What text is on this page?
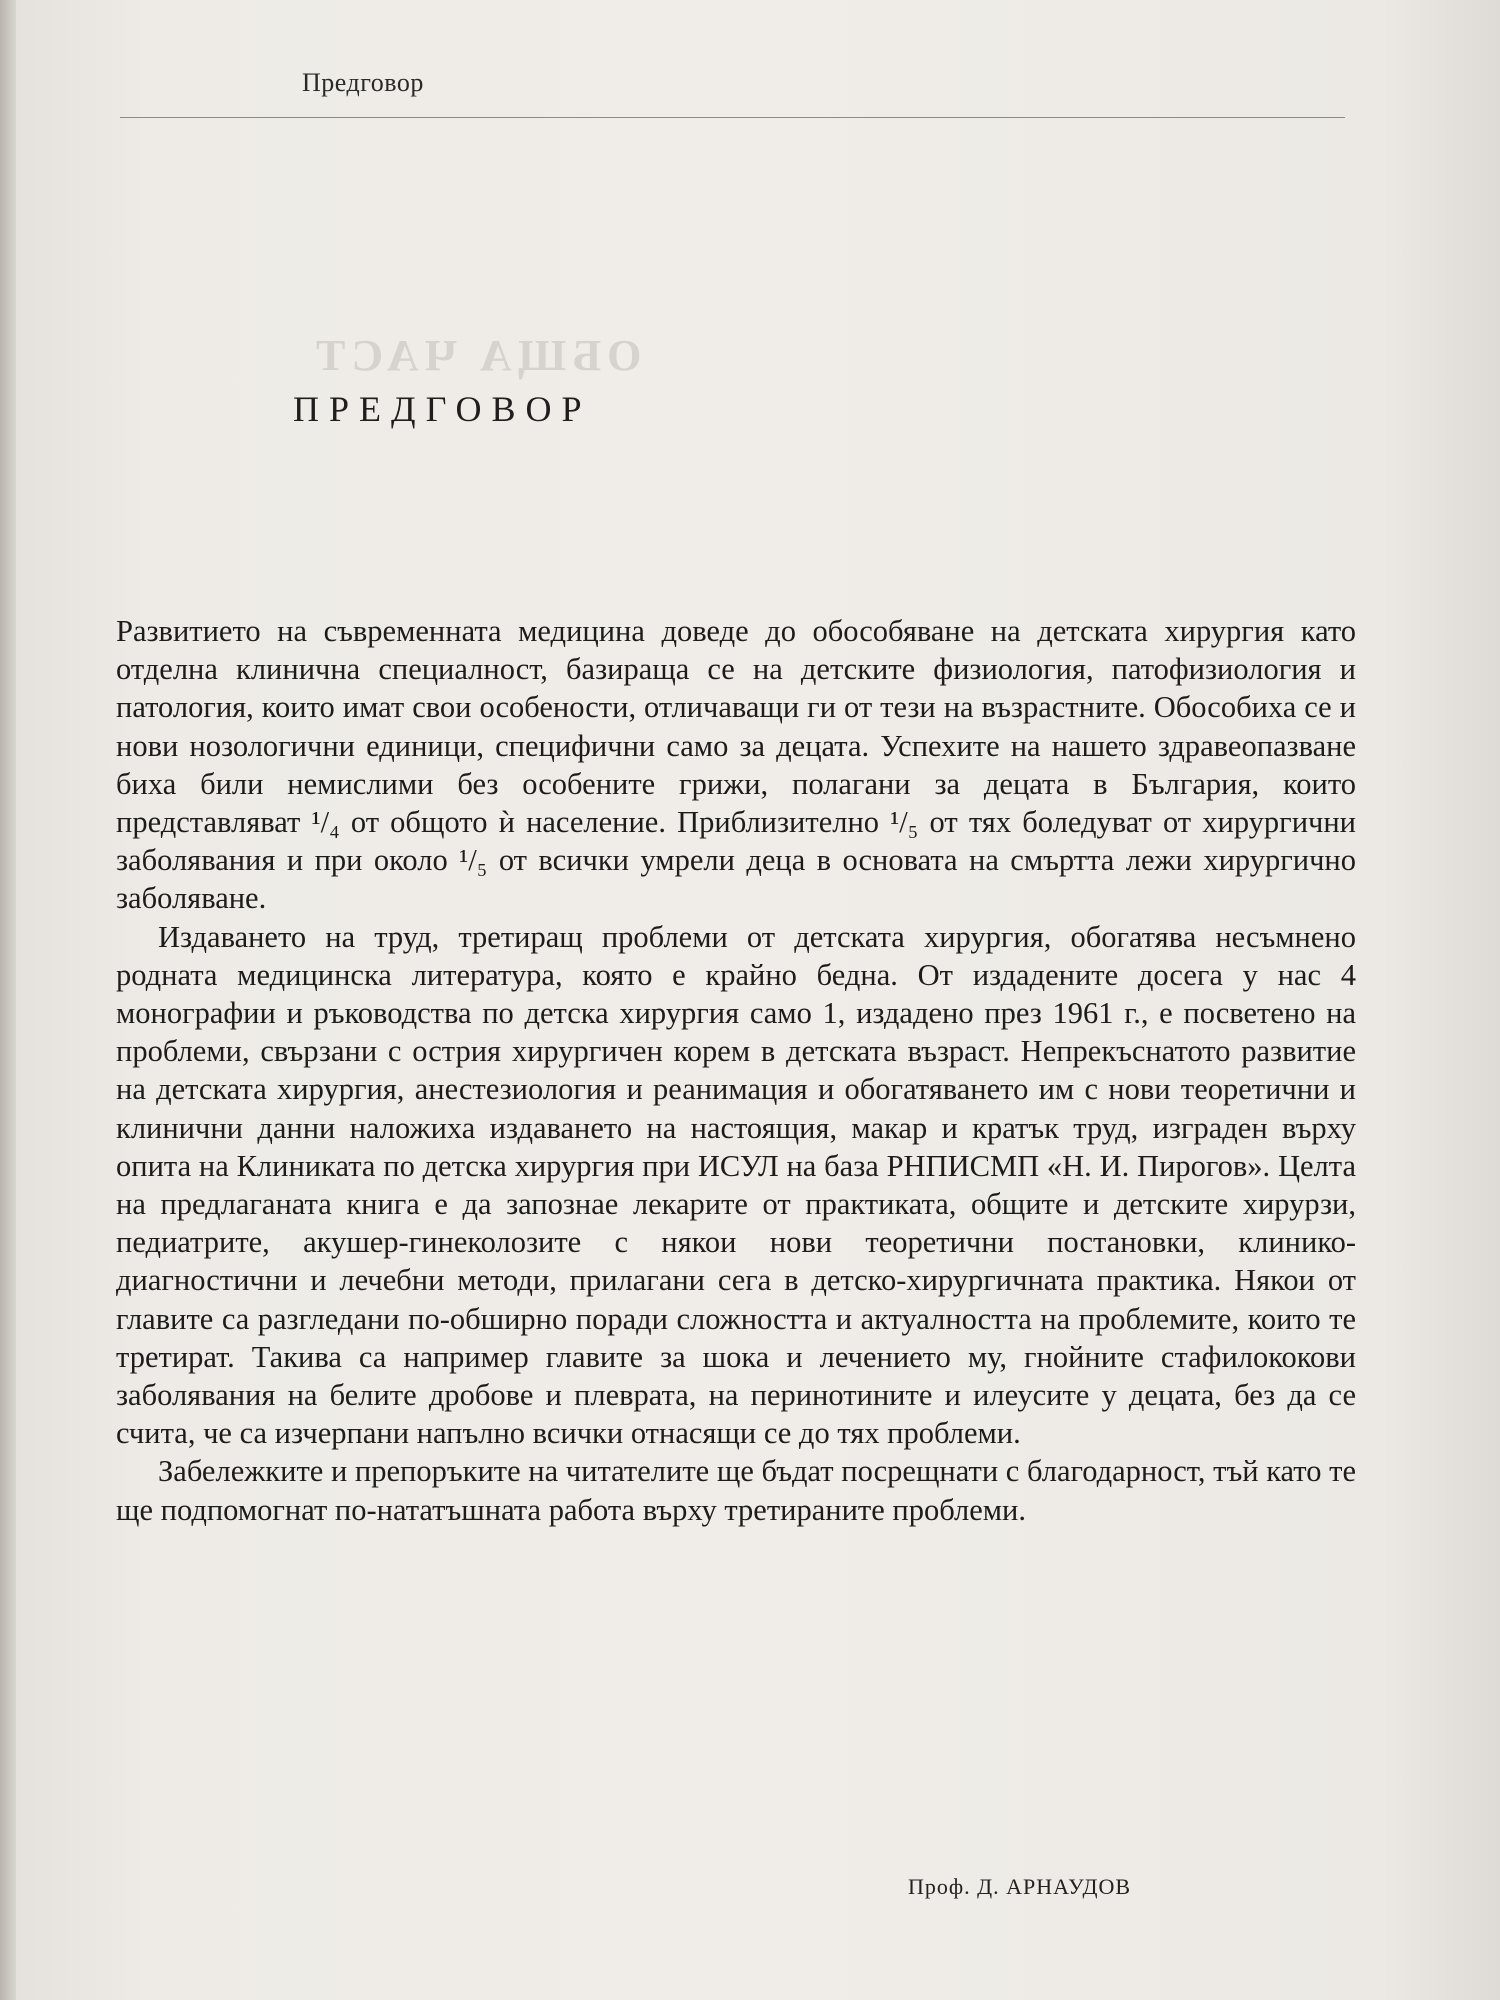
Предговор
ОБЩА ЧАСТ
ПРЕДГОВОР

Развитието на съвременната медицина доведе до обособяване на детската хирургия като отделна клинична специалност, базираща се на детските физиология, патофизиология и патология, които имат свои особености, отличаващи ги от тези на възрастните. Обособиха се и нови нозологични единици, специфични само за децата. Успехите на нашето здравеопазване биха били немислими без особените грижи, полагани за децата в България, които представляват ¹/₄ от общото ѝ население. Приблизително ¹/₅ от тях боледуват от хирургични заболявания и при около ¹/₅ от всички умрели деца в основата на смъртта лежи хирургично заболяване.

Издаването на труд, третиращ проблеми от детската хирургия, обогатява несъмнено родната медицинска литература, която е крайно бедна. От издадените досега у нас 4 монографии и ръководства по детска хирургия само 1, издадено през 1961 г., е посветено на проблеми, свързани с острия хирургичен корем в детската възраст. Непрекъснатото развитие на детската хирургия, анестезиология и реанимация и обогатяването им с нови теоретични и клинични данни наложиха издаването на настоящия, макар и кратък труд, изграден върху опита на Клиниката по детска хирургия при ИСУЛ на база РНПИСМП «Н. И. Пирогов». Целта на предлаганата книга е да запознае лекарите от практиката, общите и детските хирурзи, педиатрите, акушер-гинеколозите с някои нови теоретични постановки, клинико-диагностични и лечебни методи, прилагани сега в детско-хирургичната практика. Някои от главите са разгледани по-обширно поради сложността и актуалността на проблемите, които те третират. Такива са например главите за шока и лечението му, гнойните стафилококови заболявания на белите дробове и плеврата, на перинотините и илеусите у децата, без да се счита, че са изчерпани напълно всички отнасящи се до тях проблеми.

Забележките и препоръките на читателите ще бъдат посрещнати с благодарност, тъй като те ще подпомогнат по-нататъшната работа върху третираните проблеми.

Проф. Д. АРНАУДОВ
